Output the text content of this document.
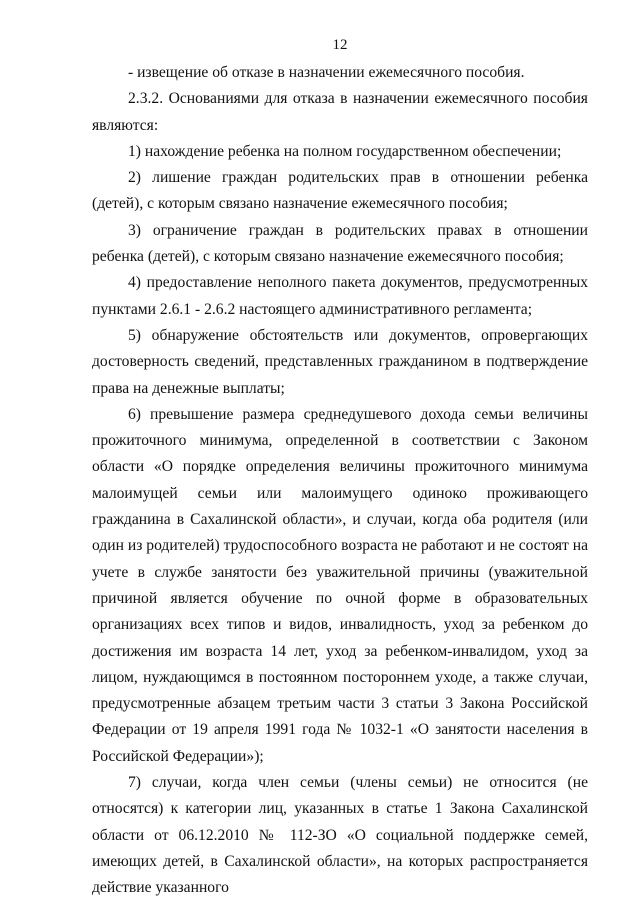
12

- извещение об отказе в назначении ежемесячного пособия.

2.3.2. Основаниями для отказа в назначении ежемесячного пособия являются:

1) нахождение ребенка на полном государственном обеспечении;

2) лишение граждан родительских прав в отношении ребенка (детей), с которым связано назначение ежемесячного пособия;

3) ограничение граждан в родительских правах в отношении ребенка (детей), с которым связано назначение ежемесячного пособия;

4) предоставление неполного пакета документов, предусмотренных пунктами 2.6.1 - 2.6.2 настоящего административного регламента;

5) обнаружение обстоятельств или документов, опровергающих достоверность сведений, представленных гражданином в подтверждение права на денежные выплаты;

6) превышение размера среднедушевого дохода семьи величины прожиточного минимума, определенной в соответствии с Законом области «О порядке определения величины прожиточного минимума малоимущей семьи или малоимущего одиноко проживающего гражданина в Сахалинской области», и случаи, когда оба родителя (или один из родителей) трудоспособного возраста не работают и не состоят на учете в службе занятости без уважительной причины (уважительной причиной является обучение по очной форме в образовательных организациях всех типов и видов, инвалидность, уход за ребенком до достижения им возраста 14 лет, уход за ребенком-инвалидом, уход за лицом, нуждающимся в постоянном постороннем уходе, а также случаи, предусмотренные абзацем третьим части 3 статьи 3 Закона Российской Федерации от 19 апреля 1991 года № 1032-1 «О занятости населения в Российской Федерации»);

7) случаи, когда член семьи (члены семьи) не относится (не относятся) к категории лиц, указанных в статье 1 Закона Сахалинской области от 06.12.2010 № 112-ЗО «О социальной поддержке семей, имеющих детей, в Сахалинской области», на которых распространяется действие указанного
